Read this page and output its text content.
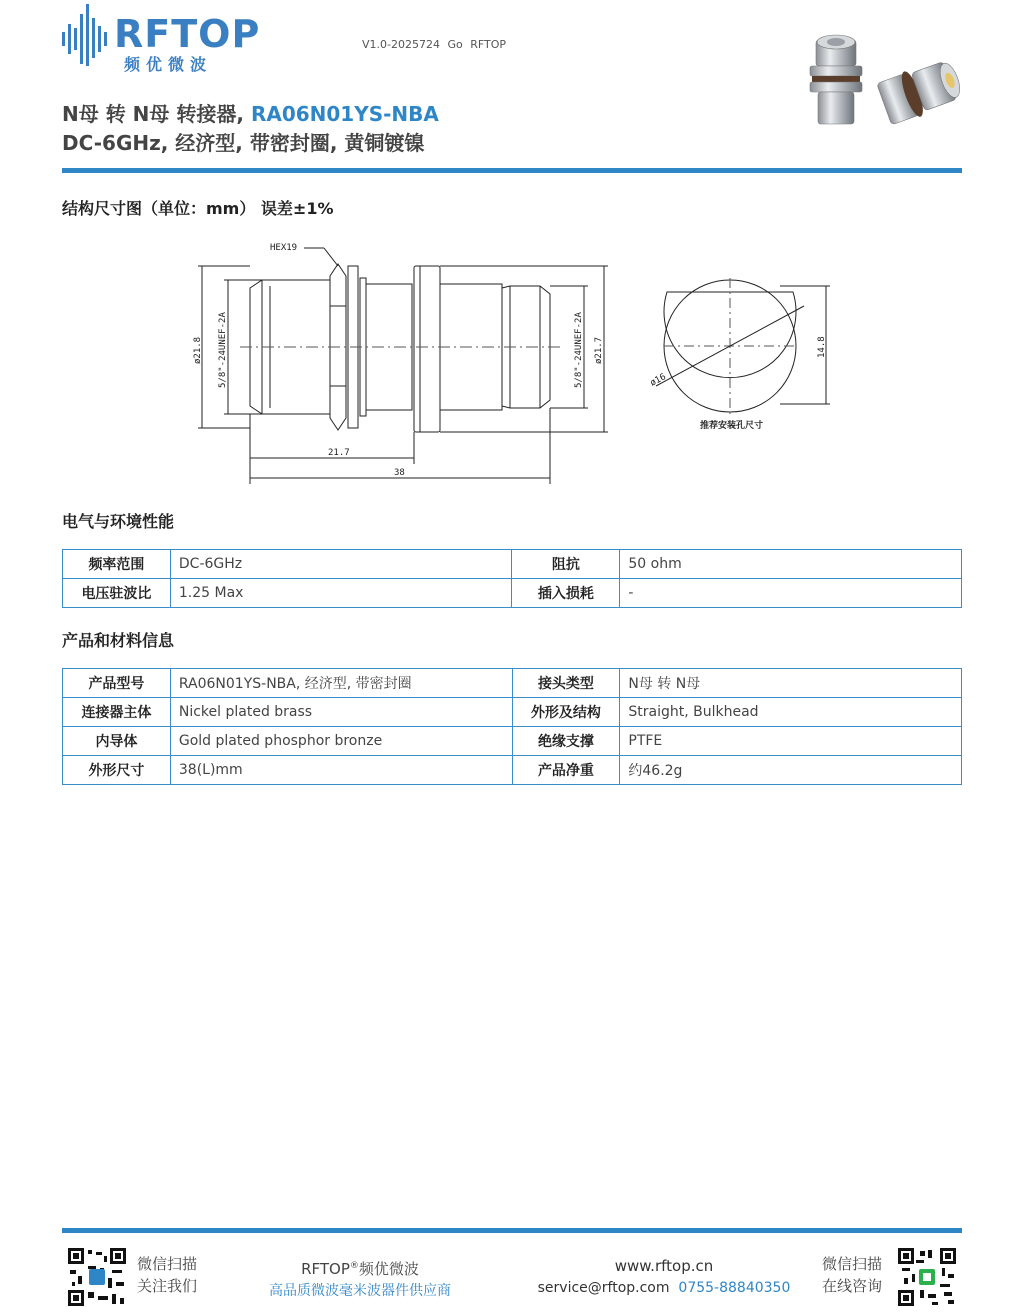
RFTOP
频优微波
V1.0-2025724 Go RFTOP
N母 转 N母 转接器, RA06N01YS-NBA
DC-6GHz, 经济型, 带密封圈, 黄铜镀镍
结构尺寸图（单位：mm） 误差±1%
HEX19
ø21.8 5/8"-24UNEF-2A	ø21.7
5/8"-24UNEF-2A
21.7
38
ø16
14.8
推荐安装孔尺寸
电气与环境性能
频率范围	DC-6GHz	阻抗	50 ohm
电压驻波比	1.25 Max	插入损耗	-
产品和材料信息
产品型号	RA06N01YS-NBA, 经济型, 带密封圈	接头类型	N母 转 N母
连接器主体	Nickel plated brass	外形及结构	Straight, Bulkhead
内导体	Gold plated phosphor bronze	绝缘支撑	PTFE
外形尺寸	38(L)mm	产品净重	约46.2g
微信扫描
关注我们
RFTOP®频优微波
高品质微波毫米波器件供应商
www.rftop.cn
service@rftop.com 0755-88840350
微信扫描
在线咨询
